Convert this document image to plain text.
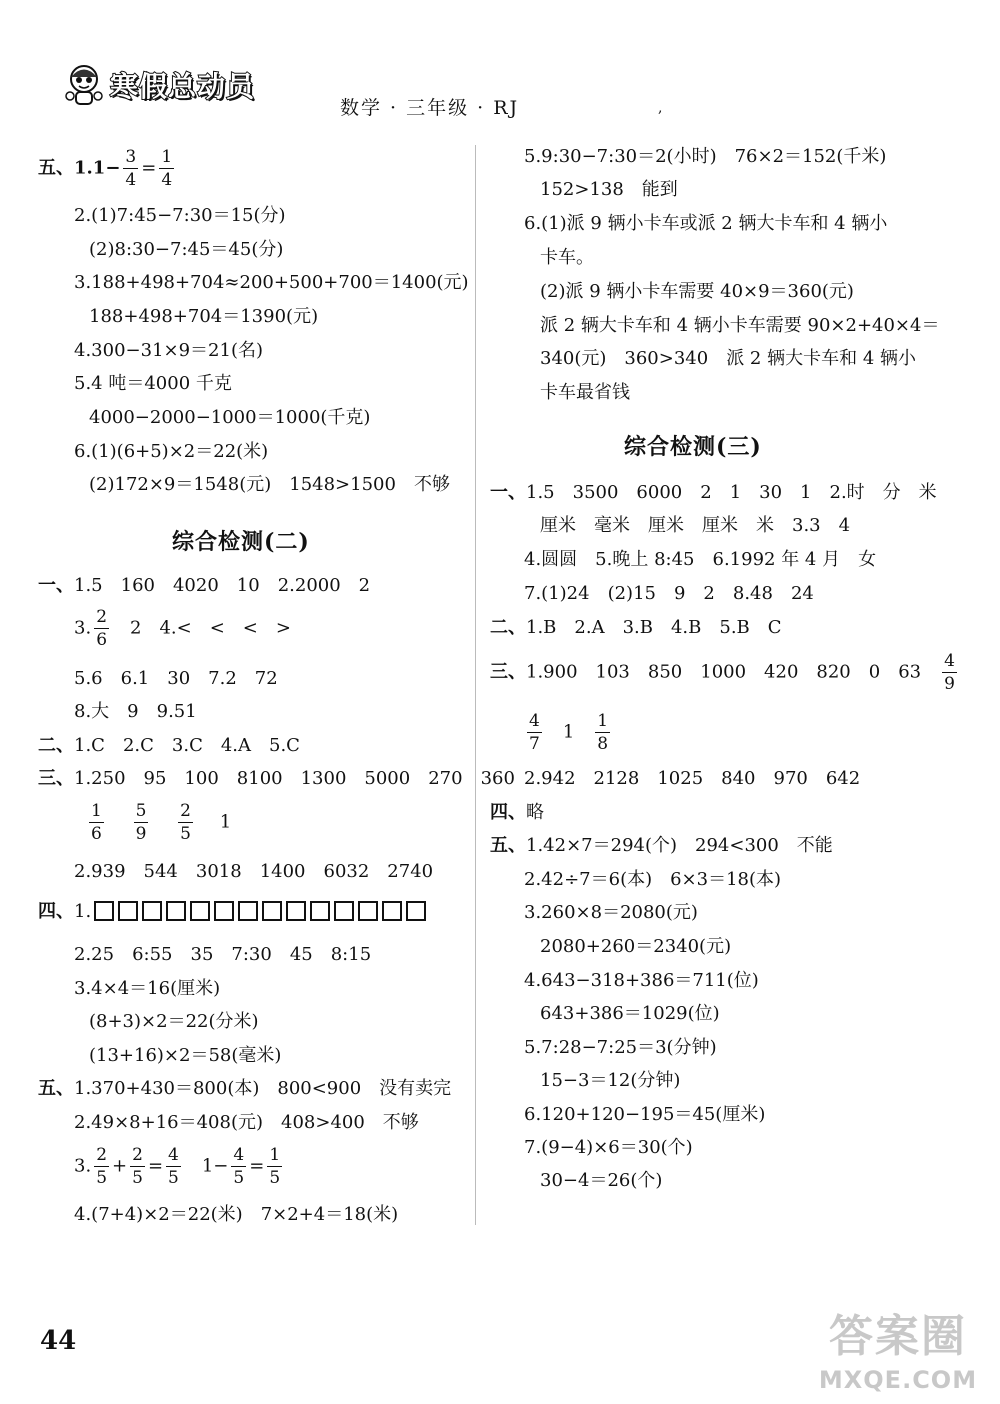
寒假总动员
数学 · 三年级 · RJ	,
五、$1.1- \frac{3}{4} = \frac{1}{4}$
2.(1)7:45−7:30＝15(分)
(2)8:30−7:45＝45(分)
3.188+498+704≈200+500+700＝1400(元)
188+498+704＝1390(元)
4.300−31×9＝21(名)
5.4 吨＝4000 千克
4000−2000−1000＝1000(千克)
6.(1)(6+5)×2＝22(米)
(2)172×9＝1548(元)　1548>1500　不够
综合检测(二)
一、1.5　160　4020　10　2.2000　2
3. $\frac{2}{6}$ 　2　4.<　<　<　>
5.6　6.1　30　7.2　72
8.大　9　9.51
二、1.C　2.C　3.C　4.A　5.C
三、1.250　95　100　8100　1300　5000　270　360
$\frac{1}{6}$
　 $\frac{5}{9}$
　 $\frac{2}{5}$
　 1
2.939　544　3018　1400　6032　2740
四、1.
2.25　6:55　35　7:30　45　8:15
3.4×4＝16(厘米)
(8+3)×2＝22(分米)
(13+16)×2＝58(毫米)
五、1.370+430＝800(本)　800<900　没有卖完
2.49×8+16＝408(元)　408>400　不够
3. $\frac{2}{5} + \frac{2}{5} = \frac{4}{5}$
　 $1- \frac{4}{5} = \frac{1}{5}$
4.(7+4)×2＝22(米)　7×2+4＝18(米)
5.9:30−7:30＝2(小时)　76×2＝152(千米)
152>138　能到
6.(1)派 9 辆小卡车或派 2 辆大卡车和 4 辆小
卡车。
(2)派 9 辆小卡车需要 40×9＝360(元)
派 2 辆大卡车和 4 辆小卡车需要 90×2+40×4＝
340(元)　360>340　派 2 辆大卡车和 4 辆小
卡车最省钱
综合检测(三)
一、1.5　3500　6000　2　1　30　1　2.时　分　米
厘米　毫米　厘米　厘米　米　3.3　4
4.圆圆　5.晚上 8:45　6.1992 年 4 月　女
7.(1)24　(2)15　9　2　8.48　24
二、1.B　2.A　3.B　4.B　5.B　C
三、1.900　103　850　1000　420　820　0　63　 $\frac{4}{9}$
$\frac{4}{7}$
　 1　 $\frac{1}{8}$
2.942　2128　1025　840　970　642
四、略
五、1.42×7＝294(个)　294<300　不能
2.42÷7＝6(本)　6×3＝18(本)
3.260×8＝2080(元)
2080+260＝2340(元)
4.643−318+386＝711(位)
643+386＝1029(位)
5.7:28−7:25＝3(分钟)
15−3＝12(分钟)
6.120+120−195＝45(厘米)
7.(9−4)×6＝30(个)
30−4＝26(个)
44	答案圈
MXQE.COM
